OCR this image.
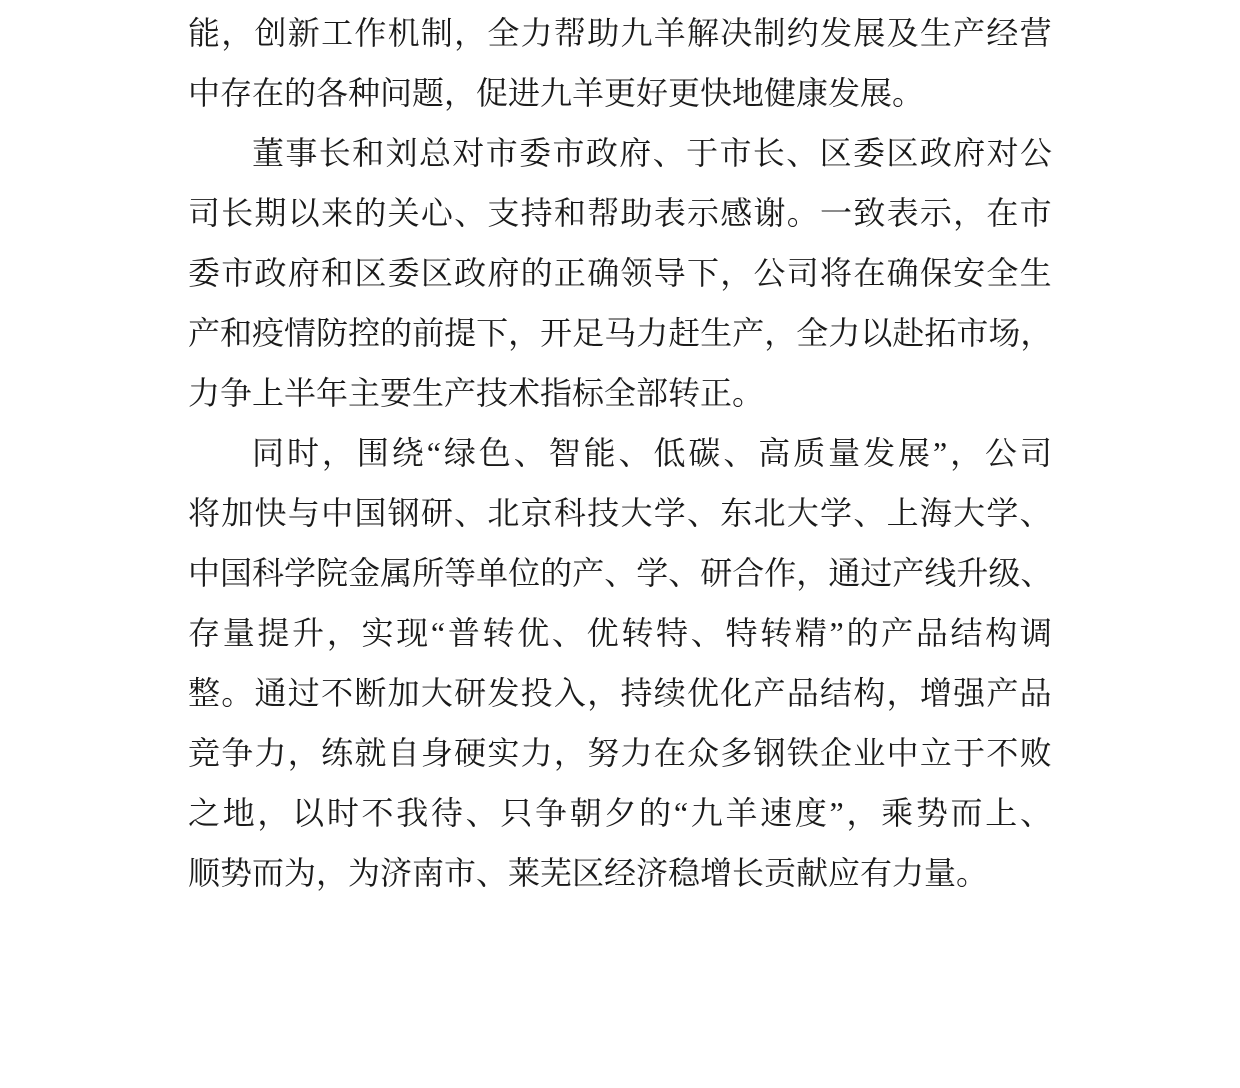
能 ， 创 新 工 作 机 制 ， 全 力 帮 助 九 羊 解 决 制 约 发 展 及 生 产 经 营
中存在的各种问题，促进九羊更好更快地健康发展。
董 事 长 和 刘 总 对 市 委 市 政 府 、 于 市 长 、 区 委 区 政 府 对 公
司 长 期 以 来 的 关 心 、 支 持 和 帮 助 表 示 感 谢 。 一 致 表 示 ， 在 市
委 市 政 府 和 区 委 区 政 府 的 正 确 领 导 下 ， 公 司 将 在 确 保 安 全 生
产 和 疫 情 防 控 的 前 提 下 ， 开 足 马 力 赶 生 产 ， 全 力 以 赴 拓 市 场 ，
力争上半年主要生产技术指标全部转正。
同 时 ， 围 绕 “ 绿 色 、 智 能 、 低 碳 、 高 质 量 发 展 ” ， 公 司
将 加 快 与 中 国 钢 研 、 北 京 科 技 大 学 、 东 北 大 学 、 上 海 大 学 、
中 国 科 学 院 金 属 所 等 单 位 的 产 、 学 、 研 合 作 ， 通 过 产 线 升 级 、
存 量 提 升 ， 实 现 “ 普 转 优 、 优 转 特 、 特 转 精 ” 的 产 品 结 构 调
整 。 通 过 不 断 加 大 研 发 投 入 ， 持 续 优 化 产 品 结 构 ， 增 强 产 品
竞 争 力 ， 练 就 自 身 硬 实 力 ， 努 力 在 众 多 钢 铁 企 业 中 立 于 不 败
之 地 ， 以 时 不 我 待 、 只 争 朝 夕 的 “ 九 羊 速 度 ” ， 乘 势 而 上 、
顺势而为，为济南市、莱芜区经济稳增长贡献应有力量。
